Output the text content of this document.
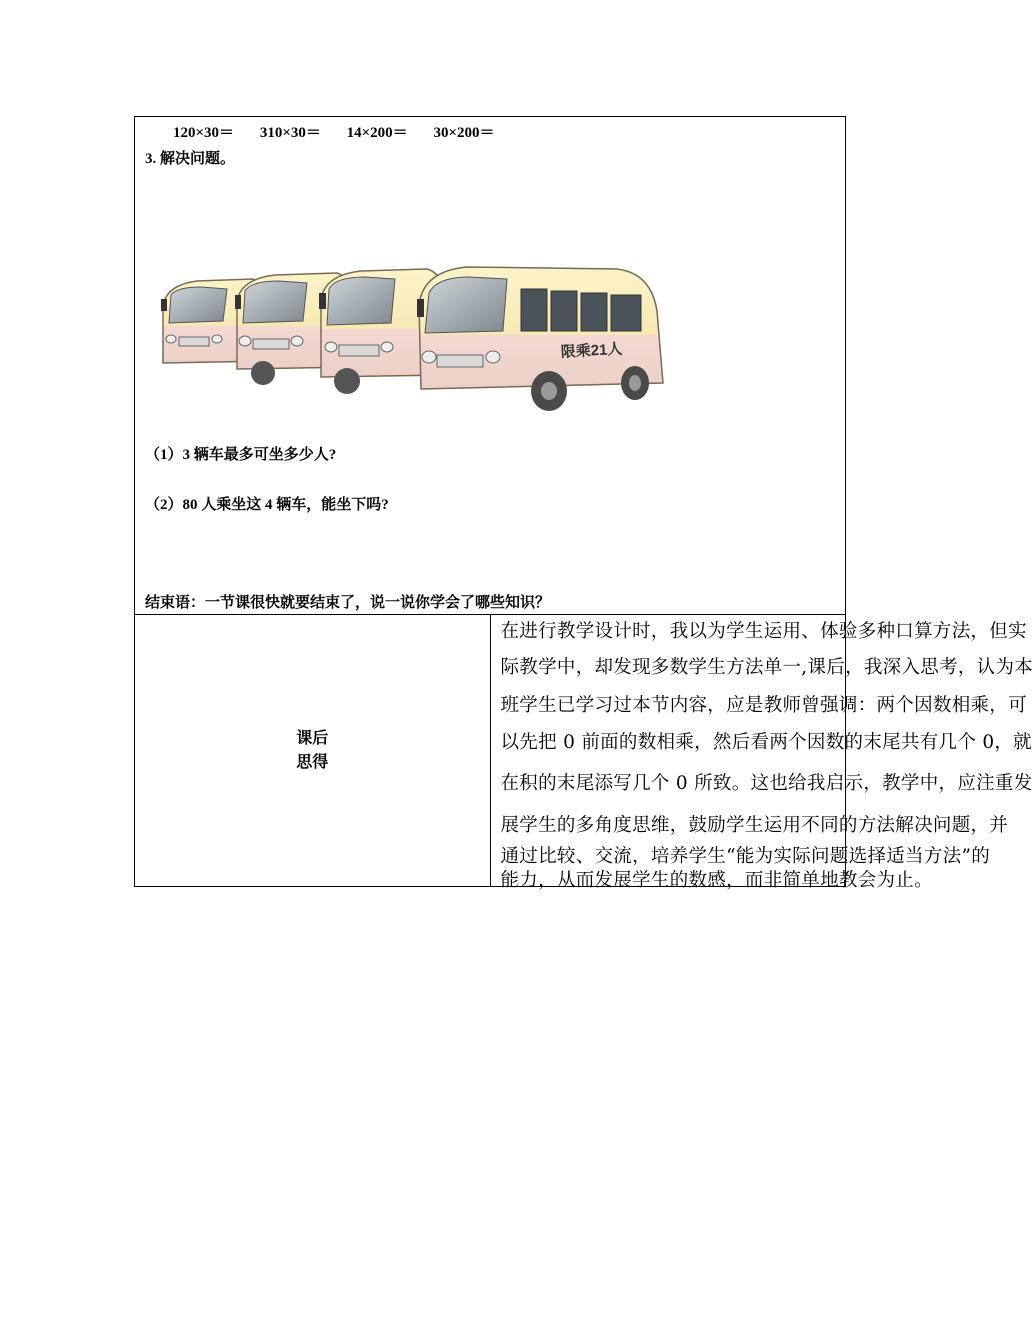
120×30＝ 310×30＝ 14×200＝ 30×200＝
3. 解决问题。
限乘21人
（1）3 辆车最多可坐多少人?
（2）80 人乘坐这 4 辆车，能坐下吗?
结束语：一节课很快就要结束了，说一说你学会了哪些知识？

课后
思得

在进行教学设计时，我以为学生运用、体验多种口算方法，但实

际教学中，却发现多数学生方法单一,课后，我深入思考，认为本

班学生已学习过本节内容，应是教师曾强调：两个因数相乘，可

以先把 0 前面的数相乘，然后看两个因数的末尾共有几个 0，就

在积的末尾添写几个 0 所致。这也给我启示，教学中，应注重发

展学生的多角度思维，鼓励学生运用不同的方法解决问题，并

通过比较、交流，培养学生“能为实际问题选择适当方法”的

能力，从而发展学生的数感，而非简单地教会为止。
